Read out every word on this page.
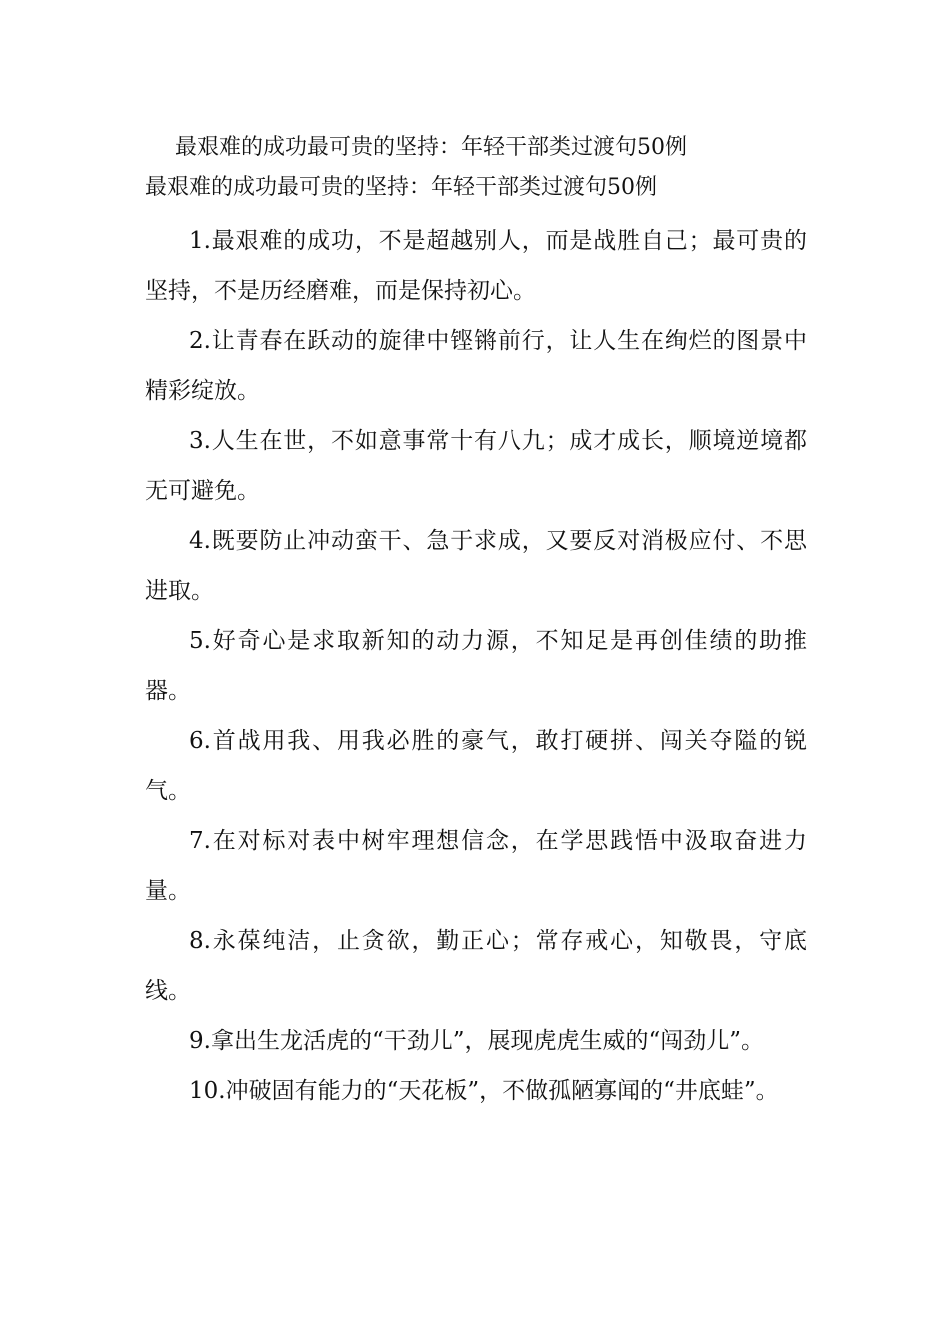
最艰难的成功最可贵的坚持：年轻干部类过渡句50例
最艰难的成功最可贵的坚持：年轻干部类过渡句50例

1.最艰难的成功，不是超越别人，而是战胜自己；最可贵的坚持，不是历经磨难，而是保持初心。

2.让青春在跃动的旋律中铿锵前行，让人生在绚烂的图景中精彩绽放。

3.人生在世，不如意事常十有八九；成才成长，顺境逆境都无可避免。

4.既要防止冲动蛮干、急于求成，又要反对消极应付、不思进取。

5.好奇心是求取新知的动力源，不知足是再创佳绩的助推器。

6.首战用我、用我必胜的豪气，敢打硬拼、闯关夺隘的锐气。

7.在对标对表中树牢理想信念，在学思践悟中汲取奋进力量。

8.永葆纯洁，止贪欲，勤正心；常存戒心，知敬畏，守底线。

9.拿出生龙活虎的“干劲儿”，展现虎虎生威的“闯劲儿”。

10.冲破固有能力的“天花板”，不做孤陋寡闻的“井底蛙”。
